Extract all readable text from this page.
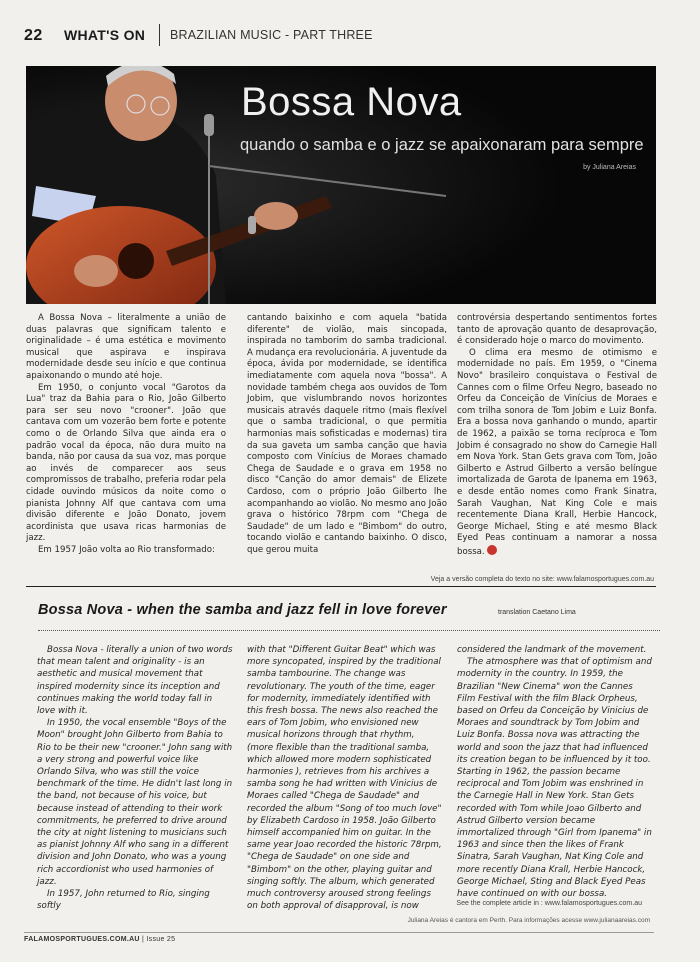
22 WHAT'S ON BRAZILIAN MUSIC - PART THREE
Bossa Nova
quando o samba e o jazz se apaixonaram para sempre
by Juliana Areias

A Bossa Nova – literalmente a união de duas palavras que significam talento e originalidade – é uma estética e movimento musical que aspirava e inspirava modernidade desde seu início e que continua apaixonando o mundo até hoje.

Em 1950, o conjunto vocal "Garotos da Lua" traz da Bahia para o Rio, João Gilberto para ser seu novo "crooner". João que cantava com um vozerão bem forte e potente como o de Orlando Silva que ainda era o padrão vocal da época, não dura muito na banda, não por causa da sua voz, mas porque ao invés de comparecer aos seus compromissos de trabalho, preferia rodar pela cidade ouvindo músicos da noite como o pianista Johnny Alf que cantava com uma divisão diferente e João Donato, jovem acordinista que usava ricas harmonias de jazz.

Em 1957 João volta ao Rio transformado:

cantando baixinho e com aquela "batida diferente" de violão, mais sincopada, inspirada no tamborim do samba tradicional. A mudança era revolucionária. A juventude da época, ávida por modernidade, se identifica imediatamente com aquela nova "bossa". A novidade também chega aos ouvidos de Tom Jobim, que vislumbrando novos horizontes musicais através daquele ritmo (mais flexível que o samba tradicional, o que permitia harmonias mais sofisticadas e modernas) tira da sua gaveta um samba canção que havia composto com Vinícius de Moraes chamado Chega de Saudade e o grava em 1958 no disco "Canção do amor demais" de Elizete Cardoso, com o próprio João Gilberto lhe acompanhando ao violão. No mesmo ano João grava o histórico 78rpm com "Chega de Saudade" de um lado e "Bimbom" do outro, tocando violão e cantando baixinho. O disco, que gerou muita

controvérsia despertando sentimentos fortes tanto de aprovação quanto de desaprovação, é considerado hoje o marco do movimento.

O clima era mesmo de otimismo e modernidade no país. Em 1959, o "Cinema Novo" brasileiro conquistava o Festival de Cannes com o filme Orfeu Negro, baseado no Orfeu da Conceição de Vinícius de Moraes e com trilha sonora de Tom Jobim e Luiz Bonfa. Era a bossa nova ganhando o mundo, apartir de 1962, a paixão se torna recíproca e Tom Jobim é consagrado no show do Carnegie Hall em Nova York. Stan Gets grava com Tom, João Gilberto e Astrud Gilberto a versão belíngue imortalizada de Garota de Ipanema em 1963, e desde então nomes como Frank Sinatra, Sarah Vaughan, Nat King Cole e mais recentemente Diana Krall, Herbie Hancock, George Michael, Sting e até mesmo Black Eyed Peas continuam a namorar a nossa bossa.

Veja a versão completa do texto no site: www.falamosportugues.com.au
Bossa Nova - when the samba and jazz fell in love forever	translation Caetano Lima

Bossa Nova - literally a union of two words that mean talent and originality - is an aesthetic and musical movement that inspired modernity since its inception and continues making the world today fall in love with it.

In 1950, the vocal ensemble "Boys of the Moon" brought John Gilberto from Bahia to Rio to be their new "crooner." John sang with a very strong and powerful voice like Orlando Silva, who was still the voice benchmark of the time. He didn't last long in the band, not because of his voice, but because instead of attending to their work commitments, he preferred to drive around the city at night listening to musicians such as pianist Johnny Alf who sang in a different division and John Donato, who was a young rich accordionist who used harmonies of jazz.

In 1957, John returned to Rio, singing softly

with that "Different Guitar Beat" which was more syncopated, inspired by the traditional samba tambourine. The change was revolutionary. The youth of the time, eager for modernity, immediately identified with this fresh bossa. The news also reached the ears of Tom Jobim, who envisioned new musical horizons through that rhythm, (more flexible than the traditional samba, which allowed more modern sophisticated harmonies ), retrieves from his archives a samba song he had written with Vinicius de Moraes called "Chega de Saudade" and recorded the album "Song of too much love" by Elizabeth Cardoso in 1958. João Gilberto himself accompanied him on guitar. In the same year Joao recorded the historic 78rpm, "Chega de Saudade" on one side and "Bimbom" on the other, playing guitar and singing softly. The album, which generated much controversy aroused strong feelings on both approval of disapproval, is now

considered the landmark of the movement.

The atmosphere was that of optimism and modernity in the country. In 1959, the Brazilian "New Cinema" won the Cannes Film Festival with the film Black Orpheus, based on Orfeu da Conceição by Vinicius de Moraes and soundtrack by Tom Jobim and Luiz Bonfa. Bossa nova was attracting the world and soon the jazz that had influenced its creation began to be influenced by it too. Starting in 1962, the passion became reciprocal and Tom Jobim was enshrined in the Carnegie Hall in New York. Stan Gets recorded with Tom while Joao Gilberto and Astrud Gilberto version became immortalized through "Girl from Ipanema" in 1963 and since then the likes of Frank Sinatra, Sarah Vaughan, Nat King Cole and more recently Diana Krall, Herbie Hancock, George Michael, Sting and Black Eyed Peas have continued on with our bossa.

See the complete article in : www.falamosportugues.com.au
Juliana Areias é cantora em Perth. Para informações acesse www.julianaareias.com
FALAMOSPORTUGUES.COM.AU | Issue 25
